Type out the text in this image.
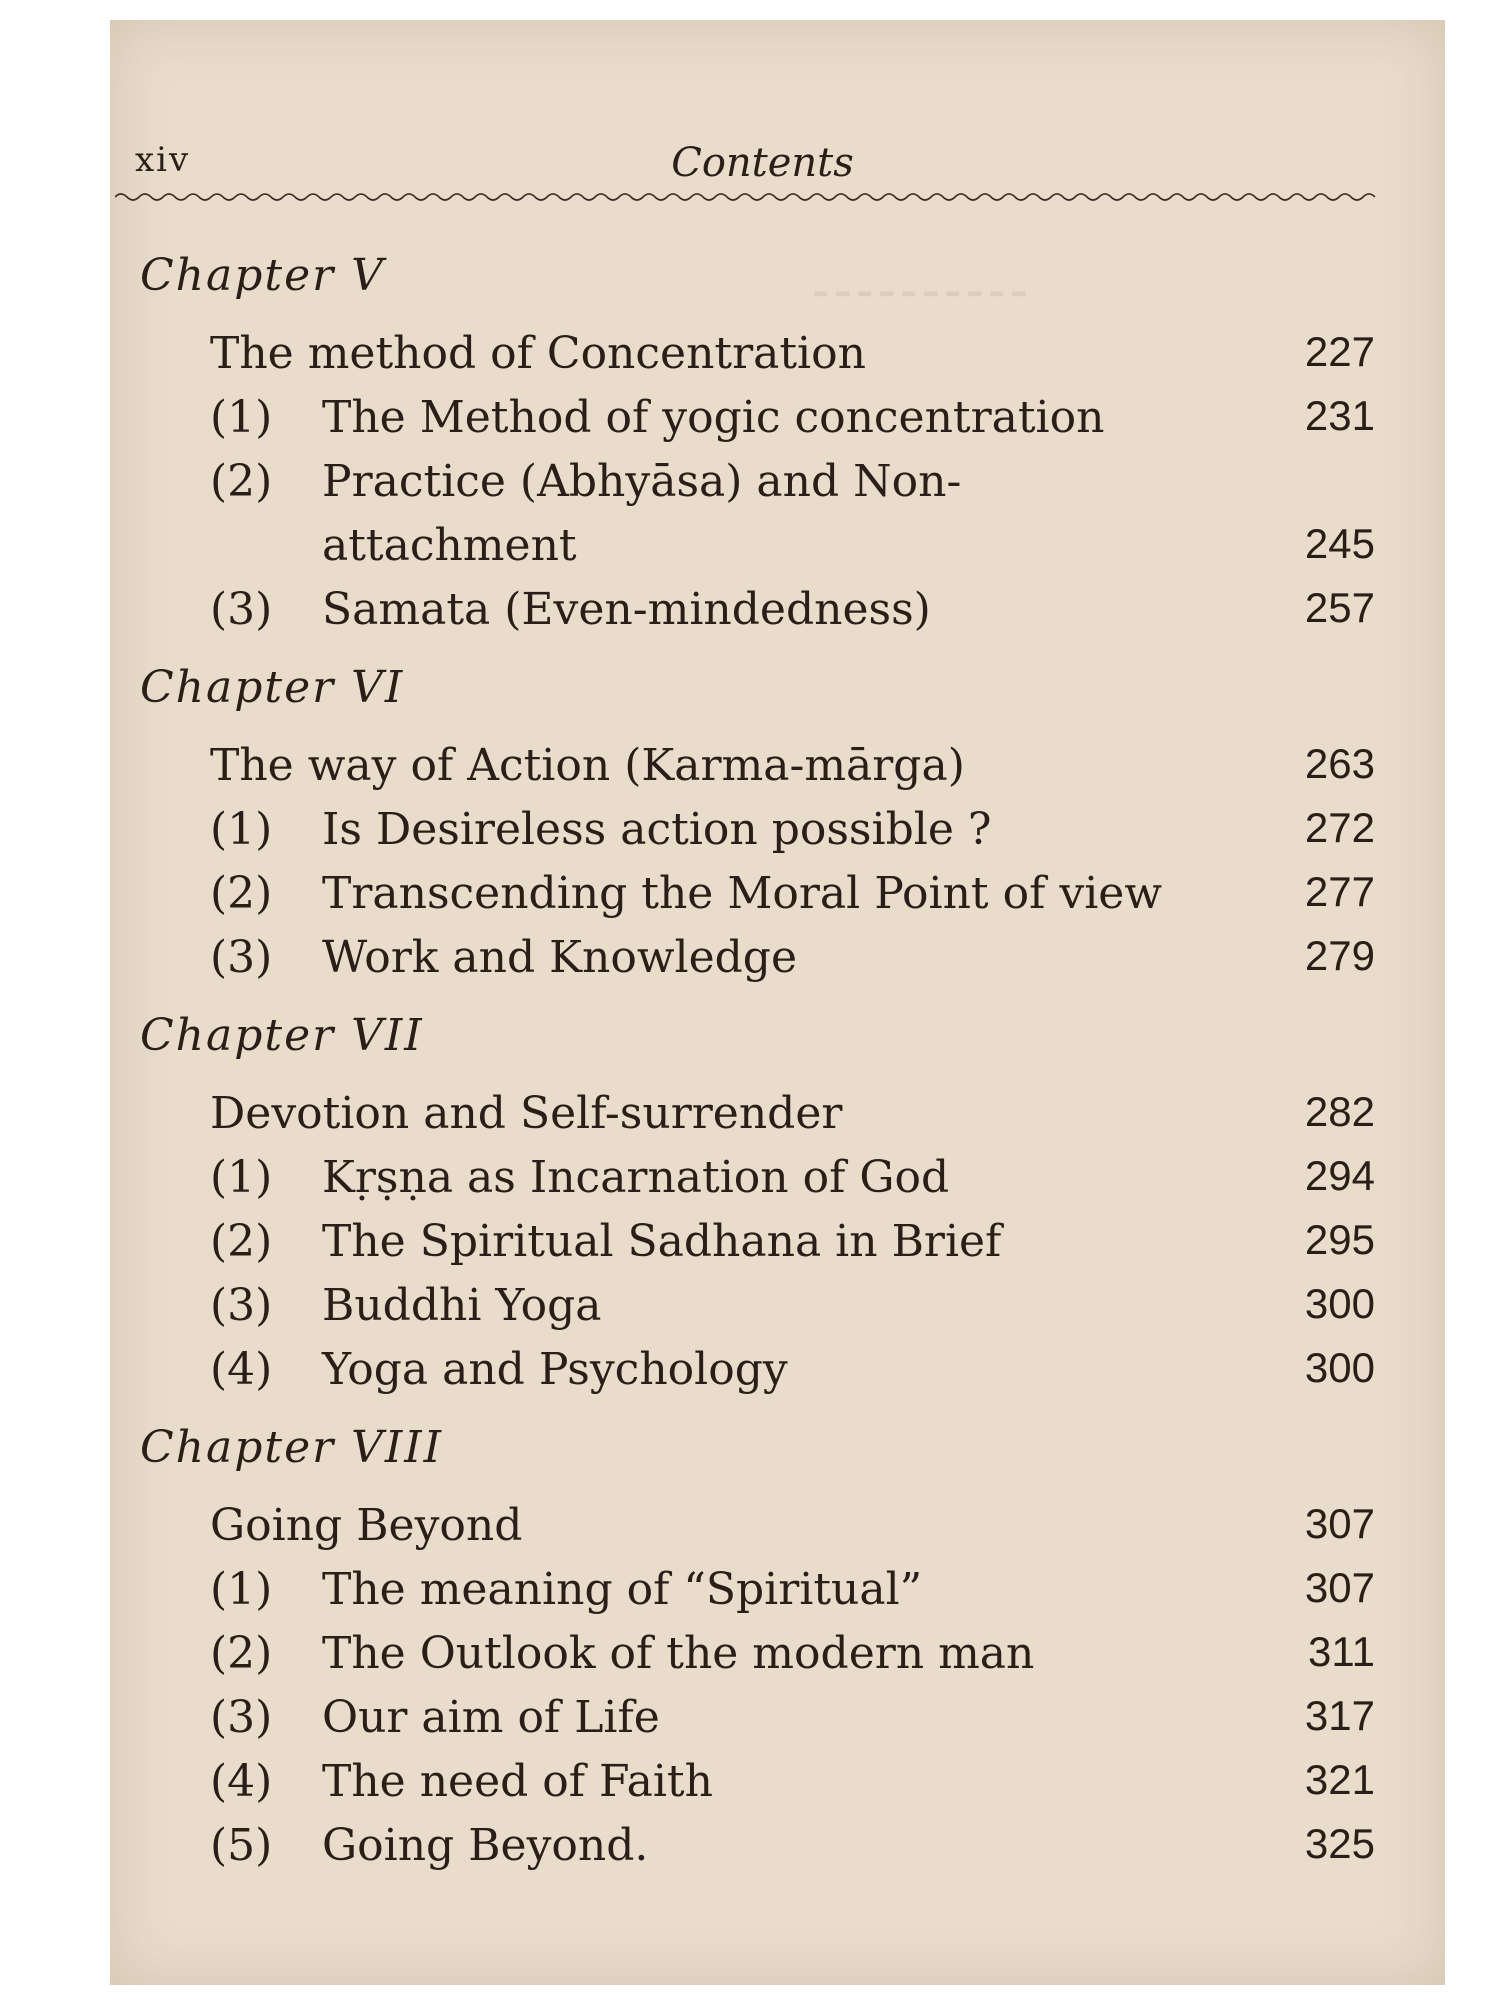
⁃⁃⁃⁃⁃⁃⁃⁃⁃⁃
xiv	Contents
Chapter V
The method of Concentration	227
(1) The Method of yogic concentration	231
(2) Practice (Abhyāsa) and Non-
attachment	245
(3) Samata (Even-mindedness)	257
Chapter VI
The way of Action (Karma-mārga)	263
(1) Is Desireless action possible ?	272
(2) Transcending the Moral Point of view	277
(3) Work and Knowledge	279
Chapter VII
Devotion and Self-surrender	282
(1) Kṛṣṇa as Incarnation of God	294
(2) The Spiritual Sadhana in Brief	295
(3) Buddhi Yoga	300
(4) Yoga and Psychology	300
Chapter VIII
Going Beyond	307
(1) The meaning of “Spiritual”	307
(2) The Outlook of the modern man	311
(3) Our aim of Life	317
(4) The need of Faith	321
(5) Going Beyond.	325
